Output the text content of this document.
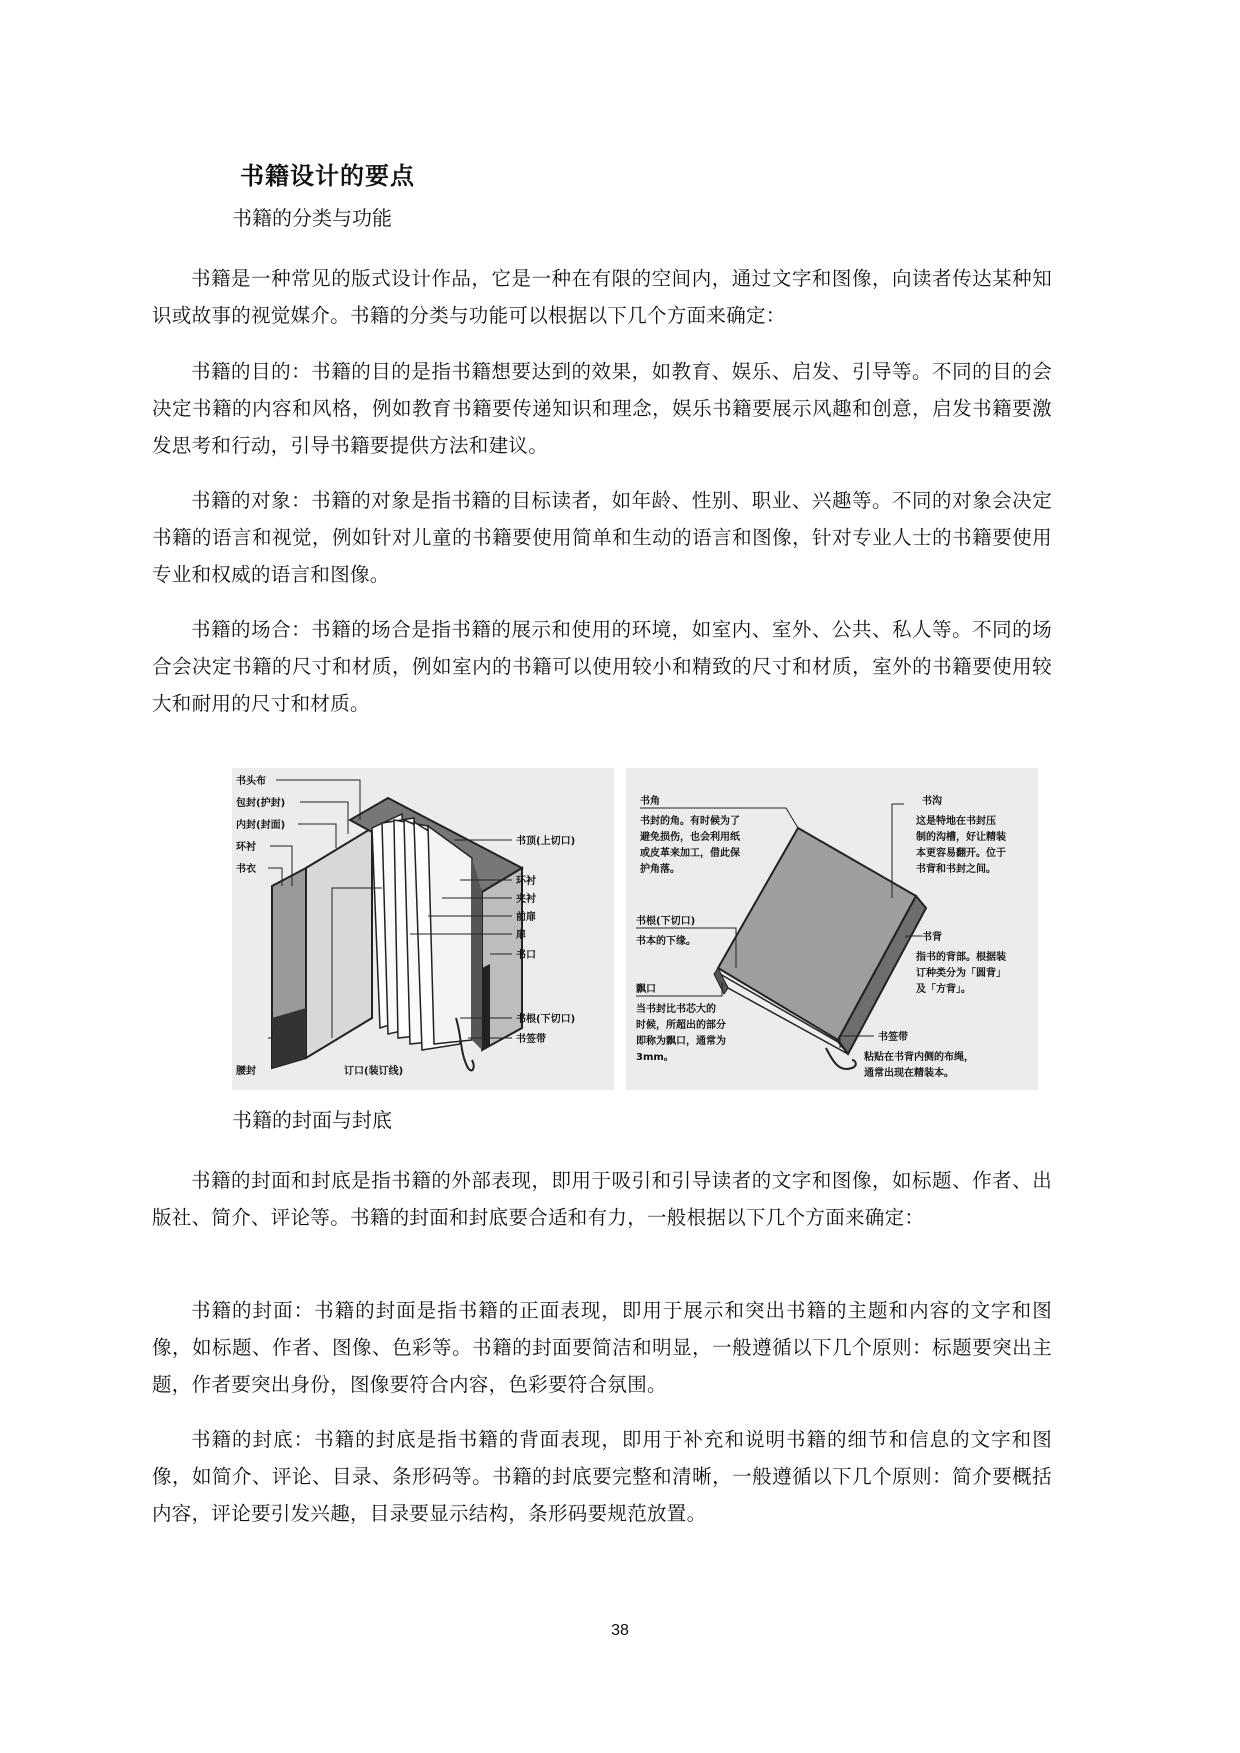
书籍设计的要点
书籍的分类与功能
书籍是一种常见的版式设计作品，它是一种在有限的空间内，通过文字和图像，向读者传达某种知识或故事的视觉媒介。书籍的分类与功能可以根据以下几个方面来确定：
书籍的目的：书籍的目的是指书籍想要达到的效果，如教育、娱乐、启发、引导等。不同的目的会决定书籍的内容和风格，例如教育书籍要传递知识和理念，娱乐书籍要展示风趣和创意，启发书籍要激发思考和行动，引导书籍要提供方法和建议。
书籍的对象：书籍的对象是指书籍的目标读者，如年龄、性别、职业、兴趣等。不同的对象会决定书籍的语言和视觉，例如针对儿童的书籍要使用简单和生动的语言和图像，针对专业人士的书籍要使用专业和权威的语言和图像。
书籍的场合：书籍的场合是指书籍的展示和使用的环境，如室内、室外、公共、私人等。不同的场合会决定书籍的尺寸和材质，例如室内的书籍可以使用较小和精致的尺寸和材质，室外的书籍要使用较大和耐用的尺寸和材质。
书头布
包封(护封)
内封(封面)
环衬
书衣
书顶(上切口)
环衬
夹衬
前扉
扉
书口
书根(下切口)
书签带
腰封	订口(装订线)
书角
书封的角。有时候为了
避免损伤，也会利用纸
或皮革来加工，借此保
护角落。
书沟
这是特地在书封压
制的沟槽，好让精装
本更容易翻开。位于
书背和书封之间。
书根(下切口)
书本的下缘。	书背
指书的背部。根据装
订种类分为「圆背」
及「方背」。
飘口
当书封比书芯大的
时候，所超出的部分
即称为飘口，通常为
3mm。
书签带
粘贴在书背内侧的布绳，
通常出现在精装本。
书籍的封面与封底
书籍的封面和封底是指书籍的外部表现，即用于吸引和引导读者的文字和图像，如标题、作者、出版社、简介、评论等。书籍的封面和封底要合适和有力，一般根据以下几个方面来确定：
书籍的封面：书籍的封面是指书籍的正面表现，即用于展示和突出书籍的主题和内容的文字和图像，如标题、作者、图像、色彩等。书籍的封面要简洁和明显，一般遵循以下几个原则：标题要突出主题，作者要突出身份，图像要符合内容，色彩要符合氛围。
书籍的封底：书籍的封底是指书籍的背面表现，即用于补充和说明书籍的细节和信息的文字和图像，如简介、评论、目录、条形码等。书籍的封底要完整和清晰，一般遵循以下几个原则：简介要概括内容，评论要引发兴趣，目录要显示结构，条形码要规范放置。
38
